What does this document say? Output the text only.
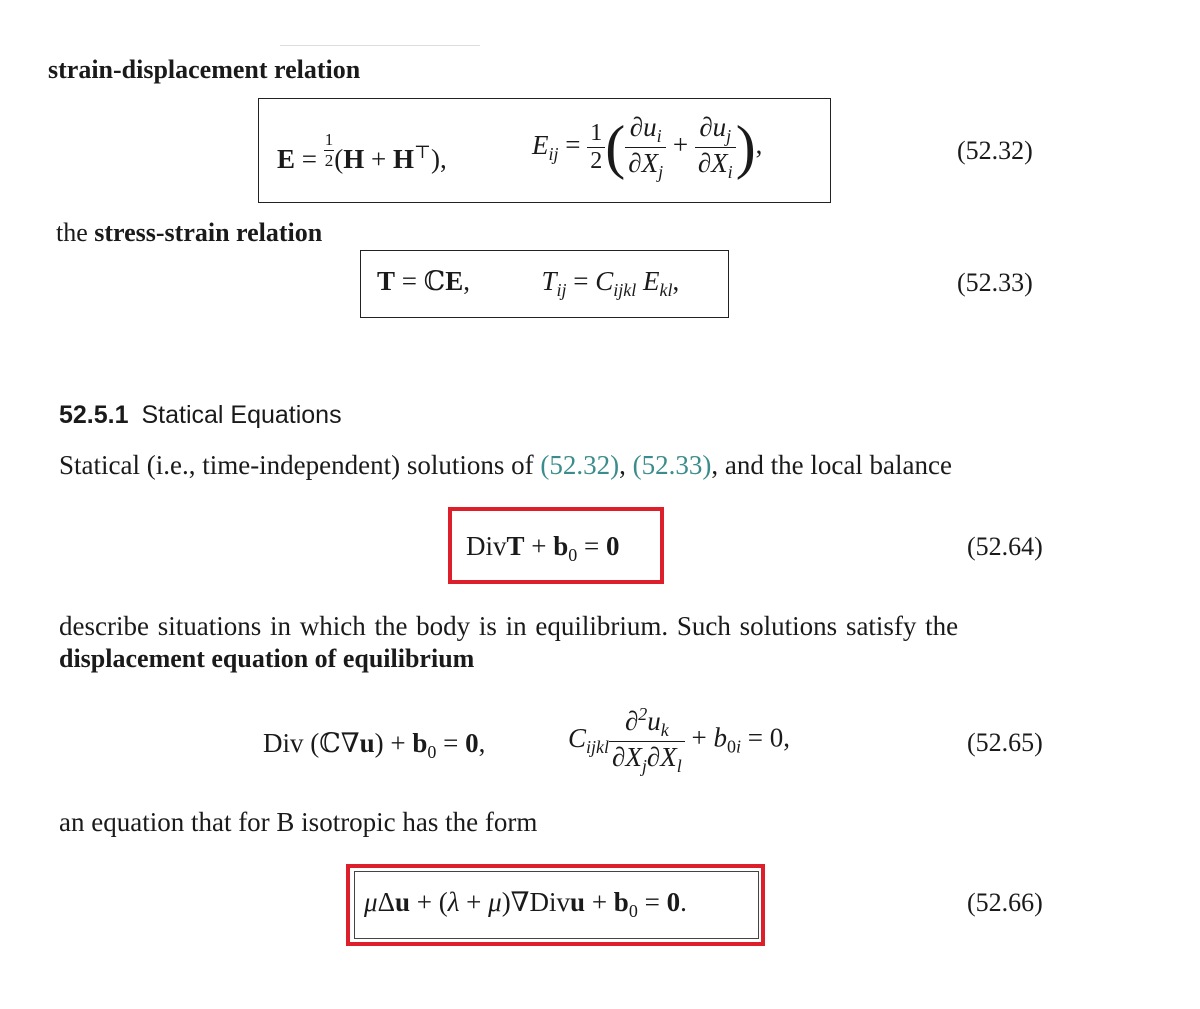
strain-displacement relation
$E = \frac{1}{2} (H + H^⊤)$,	$E_{ij} = \frac{1}{2}$ ( $\frac{\partial u_i}{\partial X_j} + \frac{\partial u_j}{\partial X_i}$ ),	(52.32)
the stress-strain relation
T = ℂE,  $T_{ij} = C_{ijkl}$ $E_{kl}$,	(52.33)
52.5.1 Statical Equations
Statical (i.e., time-independent) solutions of (52.32), (52.33), and the local balance
DivT + $b_0 = 0$	(52.64)
describe situations in which the body is in equilibrium. Such solutions satisfy the
displacement equation of equilibrium
Div (ℂ∇u) + $b_0 = 0$,	$C_{ijkl} \frac{\partial^2u_k}{\partial X_j\partial X_l} + b_{0i} = 0$,	(52.65)
an equation that for B isotropic has the form
μΔu + (λ + μ)∇Divu + $b_0 = 0$.	(52.66)
